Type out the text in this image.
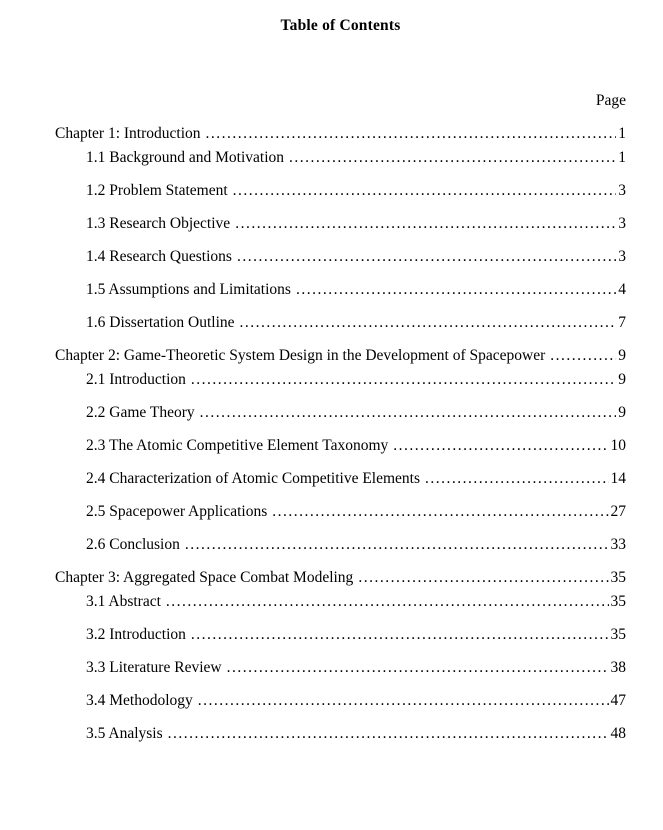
Table of Contents
Page
Chapter 1: Introduction .....	1
1.1 Background and Motivation .....	1
1.2 Problem Statement .....	3
1.3 Research Objective .....	3
1.4 Research Questions .....	3
1.5 Assumptions and Limitations .....	4
1.6 Dissertation Outline .....	7
Chapter 2: Game-Theoretic System Design in the Development of Spacepower .....	9
2.1 Introduction .....	9
2.2 Game Theory .....	9
2.3 The Atomic Competitive Element Taxonomy .....	10
2.4 Characterization of Atomic Competitive Elements .....	14
2.5 Spacepower Applications .....	27
2.6 Conclusion .....	33
Chapter 3: Aggregated Space Combat Modeling .....	35
3.1 Abstract .....	35
3.2 Introduction .....	35
3.3 Literature Review .....	38
3.4 Methodology .....	47
3.5 Analysis .....	48
